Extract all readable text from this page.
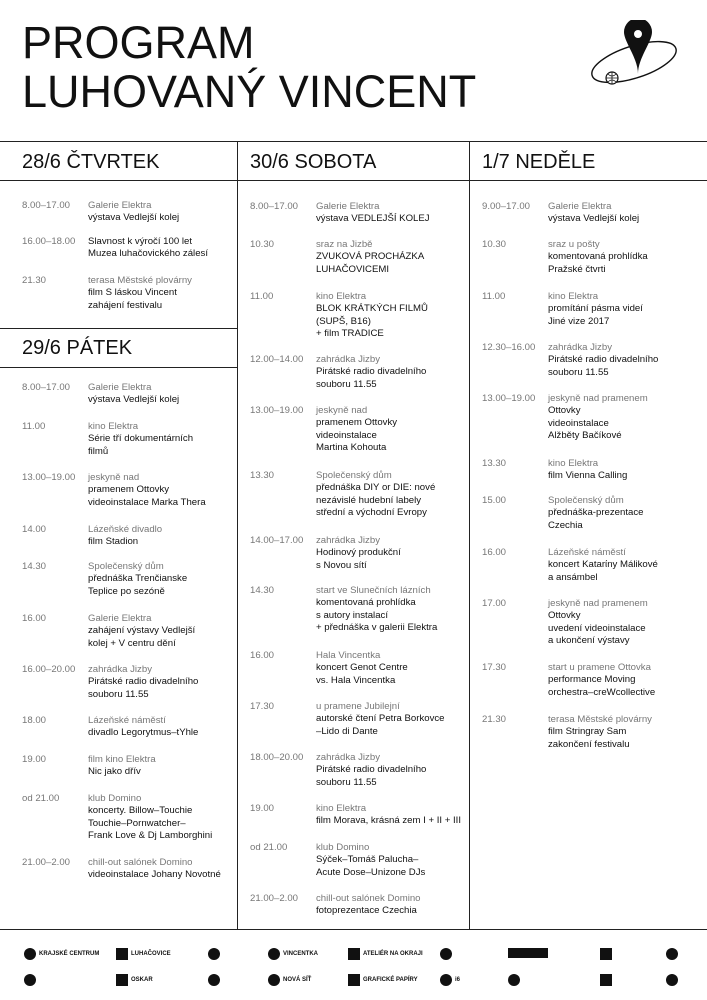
PROGRAM
LUHOVANÝ VINCENT
28/6 ČTVRTEK
8.00–17.00 Galerie Elektra
výstava Vedlejší kolej
16.00–18.00 Slavnost k výročí 100 let
Muzea luhačovického zálesí
21.30	terasa Městské plovárny
film S láskou Vincent
zahájení festivalu
29/6 PÁTEK
8.00–17.00 Galerie Elektra
výstava Vedlejší kolej
11.00	kino Elektra
Série tří dokumentárních
filmů
13.00–19.00 jeskyně nad
pramenem Ottovky
videoinstalace Marka Thera
14.00	Lázeňské divadlo
film Stadion
14.30	Společenský dům
přednáška Trenčianske
Teplice po sezóně
16.00	Galerie Elektra
zahájení výstavy Vedlejší
kolej + V centru dění
16.00–20.00 zahrádka Jizby
Pirátské radio divadelního
souboru 11.55
18.00	Lázeňské náměstí
divadlo Legorytmus–tYhle
19.00	film kino Elektra
Nic jako dřív
od 21.00	klub Domino
koncerty. Billow–Touchie
Touchie–Pornwatcher–
Frank Love & Dj Lamborghini
21.00–2.00 chill-out salónek Domino
videoinstalace Johany Novotné
30/6 SOBOTA
8.00–17.00 Galerie Elektra
výstava VEDLEJŠÍ KOLEJ
10.30	sraz na Jizbě
ZVUKOVÁ PROCHÁZKA
LUHAČOVICEMI
11.00	kino Elektra
BLOK KRÁTKÝCH FILMŮ
(SUPŠ, B16)
+ film TRADICE
12.00–14.00 zahrádka Jizby
Pirátské radio divadelního
souboru 11.55
13.00–19.00 jeskyně nad
pramenem Ottovky
videoinstalace
Martina Kohouta
13.30	Společenský dům
přednáška DIY or DIE: nové
nezávislé hudební labely
střední a východní Evropy
14.00–17.00 zahrádka Jizby
Hodinový produkční
s Novou sítí
14.30	start ve Slunečních lázních
komentovaná prohlídka
s autory instalací
+ přednáška v galerii Elektra
16.00	Hala Vincentka
koncert Genot Centre
vs. Hala Vincentka
17.30	u pramene Jubilejní
autorské čtení Petra Borkovce
–Lido di Dante
18.00–20.00 zahrádka Jizby
Pirátské radio divadelního
souboru 11.55
19.00	kino Elektra
film Morava, krásná zem I + II + III
od 21.00	klub Domino
Sýček–Tomáš Palucha–
Acute Dose–Unizone DJs
21.00–2.00 chill-out salónek Domino
fotoprezentace Czechia
1/7 NEDĚLE
9.00–17.00 Galerie Elektra
výstava Vedlejší kolej
10.30	sraz u pošty
komentovaná prohlídka
Pražské čtvrti
11.00	kino Elektra
promítání pásma videí
Jiné vize 2017
12.30–16.00 zahrádka Jizby
Pirátské radio divadelního
souboru 11.55
13.00–19.00 jeskyně nad pramenem
Ottovky
videoinstalace
Alžběty Bačíkové
13.30	kino Elektra
film Vienna Calling
15.00	Společenský dům
přednáška-prezentace
Czechia
16.00	Lázeňské náměstí
koncert Katarίny Málikové
a ansámbel
17.00	jeskyně nad pramenem
Ottovky
uvedení videoinstalace
a ukončení výstavy
17.30	start u pramene Ottovka
performance Moving
orchestra–creWcollective
21.30	terasa Městské plovárny
film Stringray Sam
zakončení festivalu
KRAJSKÉ CENTRUM	LUHAČOVICE	VINCENTKA	ATELIÉR NA OKRAJI
OSKAR	NOVÁ SÍŤ	GRAFICKÉ PAPÍRY	i6
